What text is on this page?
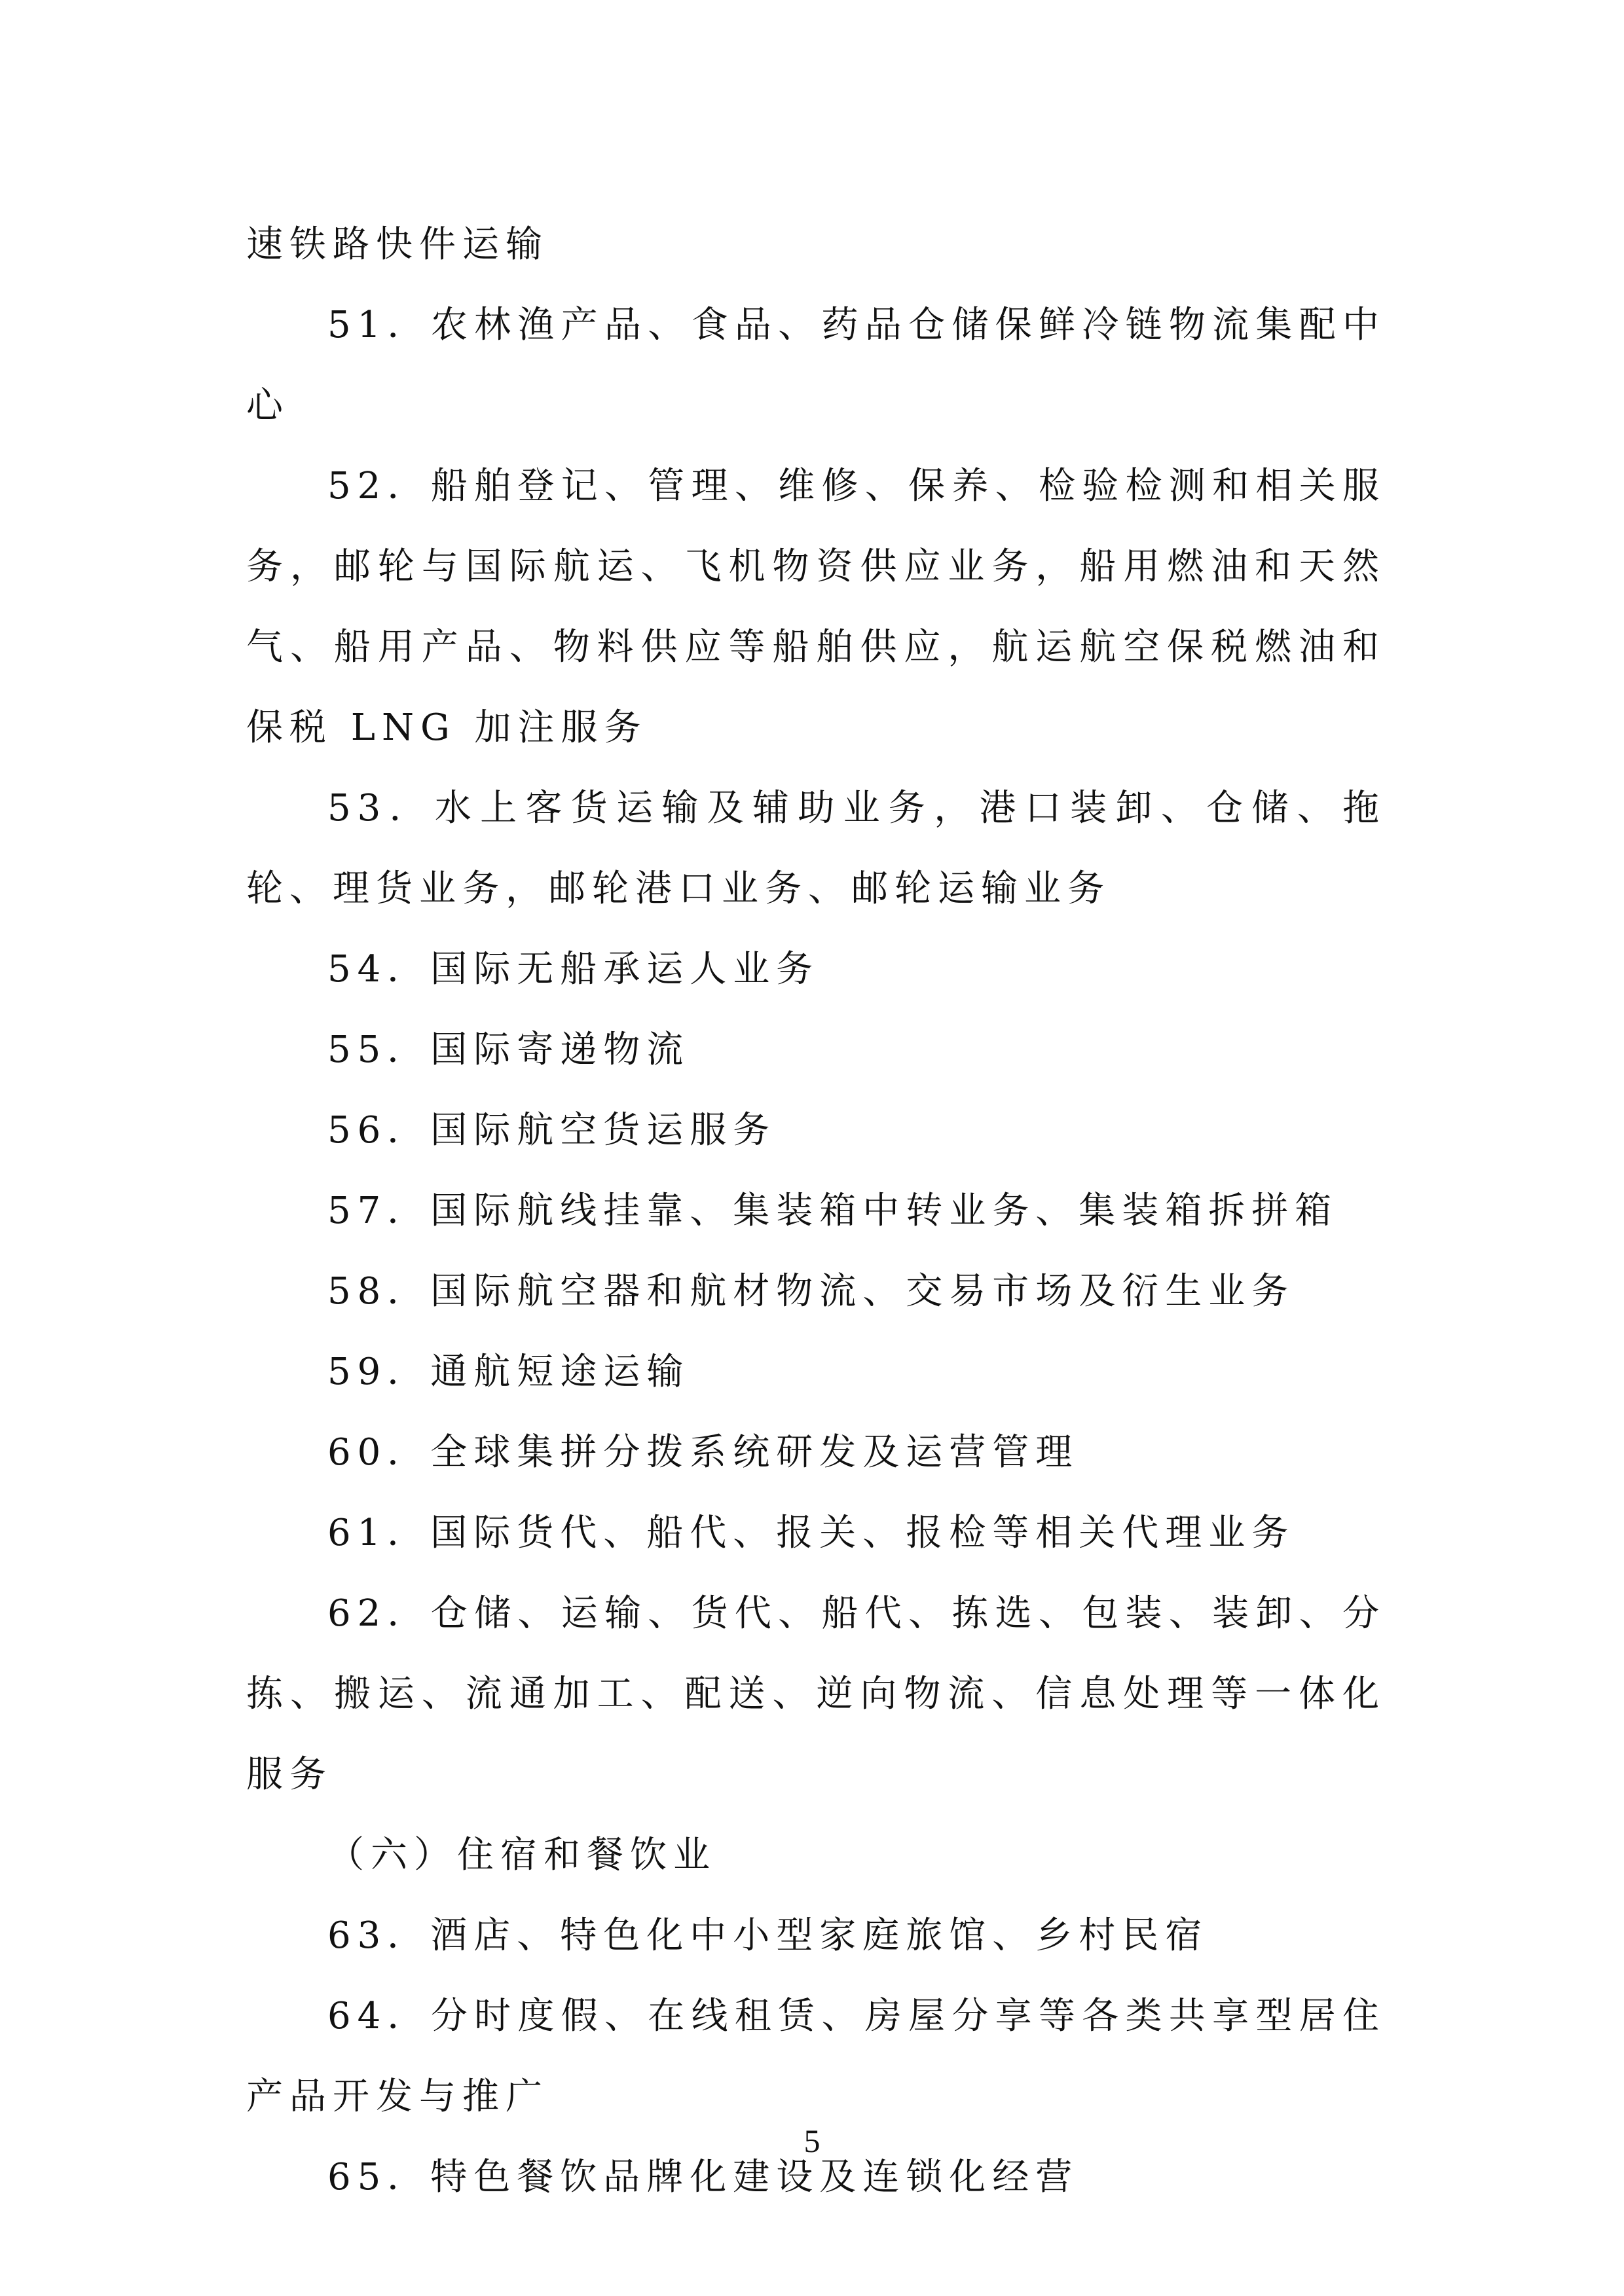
速铁路快件运输

51．农林渔产品、食品、药品仓储保鲜冷链物流集配中心

52．船舶登记、管理、维修、保养、检验检测和相关服务，邮轮与国际航运、飞机物资供应业务，船用燃油和天然气、船用产品、物料供应等船舶供应，航运航空保税燃油和保税 LNG 加注服务

53．水上客货运输及辅助业务，港口装卸、仓储、拖轮、理货业务，邮轮港口业务、邮轮运输业务

54．国际无船承运人业务

55．国际寄递物流

56．国际航空货运服务

57．国际航线挂靠、集装箱中转业务、集装箱拆拼箱

58．国际航空器和航材物流、交易市场及衍生业务

59．通航短途运输

60．全球集拼分拨系统研发及运营管理

61．国际货代、船代、报关、报检等相关代理业务

62．仓储、运输、货代、船代、拣选、包装、装卸、分拣、搬运、流通加工、配送、逆向物流、信息处理等一体化服务

（六）住宿和餐饮业

63．酒店、特色化中小型家庭旅馆、乡村民宿

64．分时度假、在线租赁、房屋分享等各类共享型居住产品开发与推广

65．特色餐饮品牌化建设及连锁化经营

5
